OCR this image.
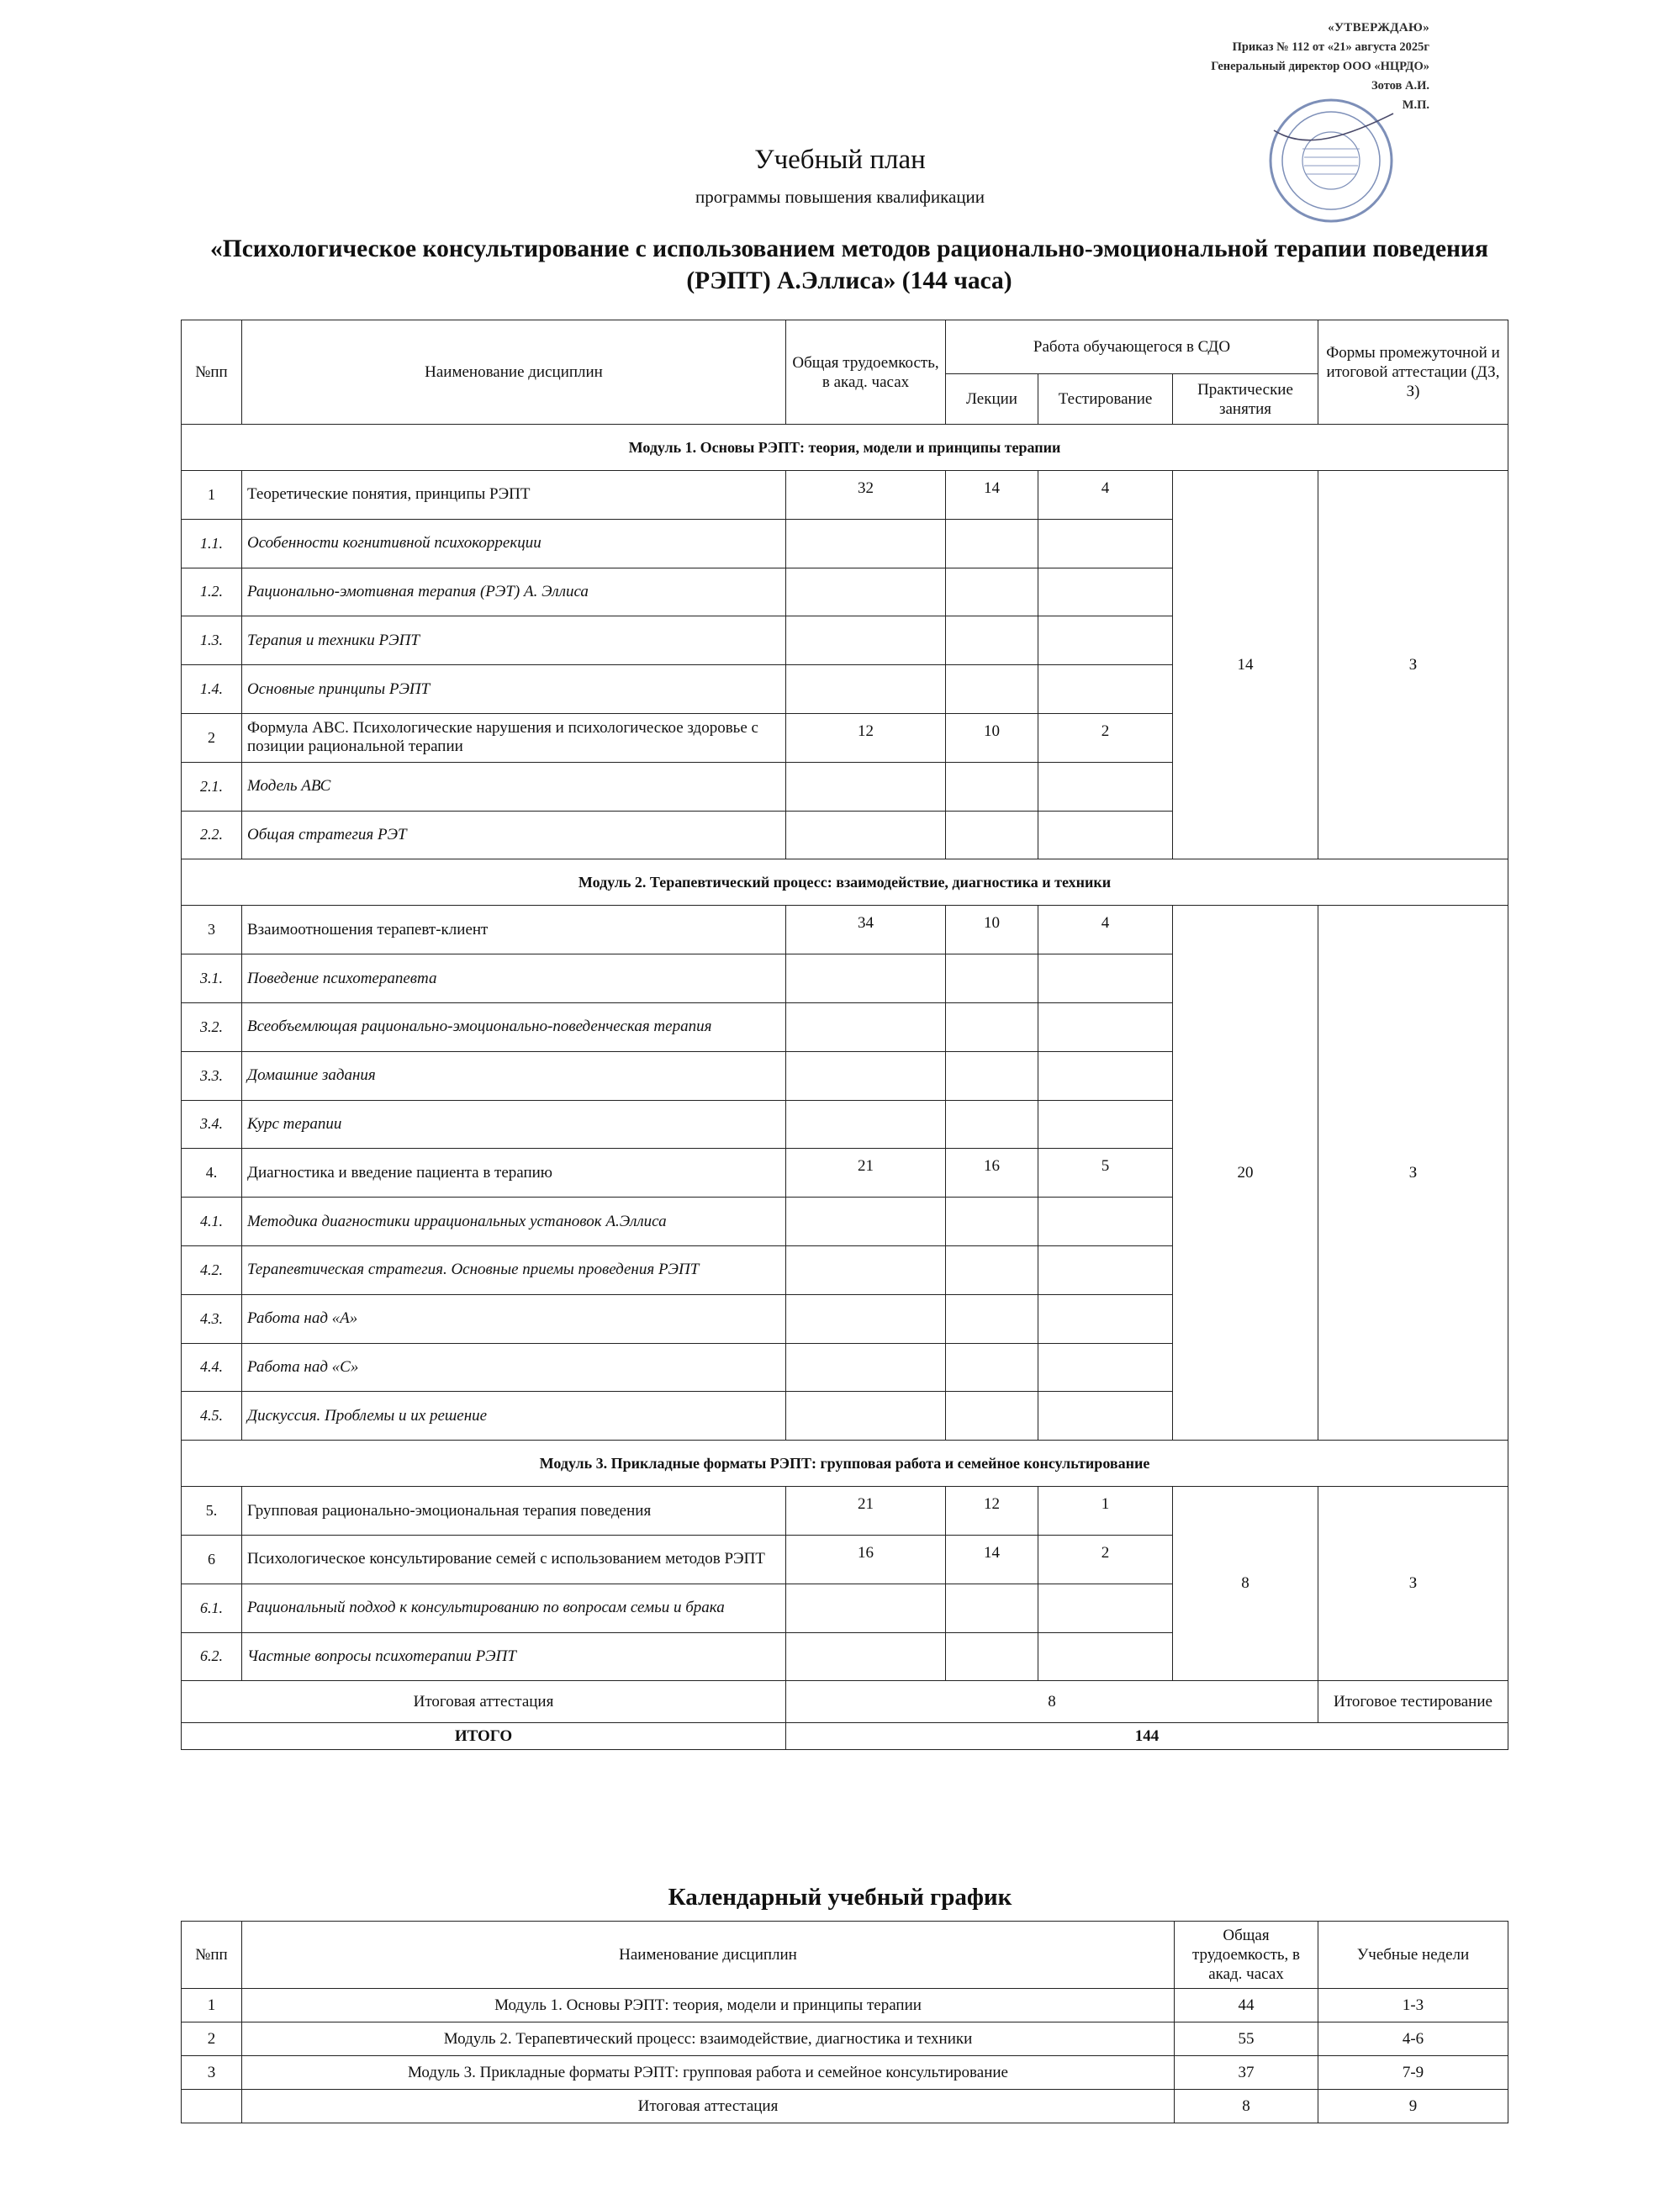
«УТВЕРЖДАЮ»
Приказ № 112 от «21» августа 2025г
Генеральный директор ООО «НЦРДО»
Зотов А.И.
М.П.
Учебный план
программы повышения квалификации
«Психологическое консультирование с использованием методов рационально-эмоциональной терапии поведения (РЭПТ) А.Эллиса» (144 часа)
№пп	Наименование дисциплин	Общая трудоемкость, в акад. часах	Работа обучающегося в СДО			Формы промежуточной и итоговой аттестации (ДЗ, З)
			Лекции	Тестирование	Практические занятия	
Модуль 1. Основы РЭПТ: теория, модели и принципы терапии						
1	Теоретические понятия, принципы РЭПТ	32	14	4	14	З
1.1.	Особенности когнитивной психокоррекции					
1.2.	Рационально-эмотивная терапия (РЭТ) А. Эллиса					
1.3.	Терапия и техники РЭПТ					
1.4.	Основные принципы РЭПТ					
2	Формула АВС. Психологические нарушения и психологическое здоровье с позиции рациональной терапии	12	10	2		
2.1.	Модель АВС					
2.2.	Общая стратегия РЭТ					
Модуль 2. Терапевтический процесс: взаимодействие, диагностика и техники						
3	Взаимоотношения терапевт-клиент	34	10	4	20	З
3.1.	Поведение психотерапевта					
3.2.	Всеобъемлющая рационально-эмоционально-поведенческая терапия					
3.3.	Домашние задания					
3.4.	Курс терапии					
4.	Диагностика и введение пациента в терапию	21	16	5		
4.1.	Методика диагностики иррациональных установок А.Эллиса					
4.2.	Терапевтическая стратегия. Основные приемы проведения РЭПТ					
4.3.	Работа над «А»					
4.4.	Работа над «С»					
4.5.	Дискуссия. Проблемы и их решение					
Модуль 3. Прикладные форматы РЭПТ: групповая работа и семейное консультирование						
5.	Групповая рационально-эмоциональная терапия поведения	21	12	1	8	З
6	Психологическое консультирование семей с использованием методов РЭПТ	16	14	2		
6.1.	Рациональный подход к консультированию по вопросам семьи и брака					
6.2.	Частные вопросы психотерапии РЭПТ					
Итоговая аттестация		8				Итоговое тестирование
ИТОГО		144				
Календарный учебный график
№пп	Наименование дисциплин	Общая трудоемкость, в акад. часах	Учебные недели
1	Модуль 1. Основы РЭПТ: теория, модели и принципы терапии	44	1-3
2	Модуль 2. Терапевтический процесс: взаимодействие, диагностика и техники	55	4-6
3	Модуль 3. Прикладные форматы РЭПТ: групповая работа и семейное консультирование	37	7-9
	Итоговая аттестация	8	9
